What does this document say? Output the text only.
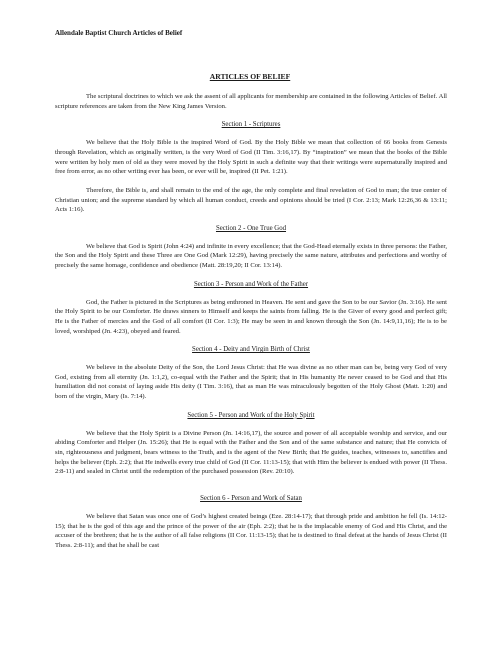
Allendale Baptist Church Articles of Belief
ARTICLES OF BELIEF

The scriptural doctrines to which we ask the assent of all applicants for membership are contained in the following Articles of Belief. All scripture references are taken from the New King James Version.

Section 1 - Scriptures

We believe that the Holy Bible is the inspired Word of God. By the Holy Bible we mean that collection of 66 books from Genesis through Revelation, which as originally written, is the very Word of God (II Tim. 3:16,17). By “inspiration” we mean that the books of the Bible were written by holy men of old as they were moved by the Holy Spirit in such a definite way that their writings were supernaturally inspired and free from error, as no other writing ever has been, or ever will be, inspired (II Pet. 1:21).

Therefore, the Bible is, and shall remain to the end of the age, the only complete and final revelation of God to man; the true center of Christian union; and the supreme standard by which all human conduct, creeds and opinions should be tried (I Cor. 2:13; Mark 12:26,36 & 13:11; Acts 1:16).

Section 2 - One True God

We believe that God is Spirit (John 4:24) and infinite in every excellence; that the God-Head eternally exists in three persons: the Father, the Son and the Holy Spirit and these Three are One God (Mark 12:29), having precisely the same nature, attributes and perfections and worthy of precisely the same homage, confidence and obedience (Matt. 28:19,20; II Cor. 13:14).

Section 3 - Person and Work of the Father

God, the Father is pictured in the Scriptures as being enthroned in Heaven. He sent and gave the Son to be our Savior (Jn. 3:16). He sent the Holy Spirit to be our Comforter. He draws sinners to Himself and keeps the saints from falling. He is the Giver of every good and perfect gift; He is the Father of mercies and the God of all comfort (II Cor. 1:3); He may be seen in and known through the Son (Jn. 14:9,11,16); He is to be loved, worshiped (Jn. 4:23), obeyed and feared.

Section 4 - Deity and Virgin Birth of Christ

We believe in the absolute Deity of the Son, the Lord Jesus Christ: that He was divine as no other man can be, being very God of very God, existing from all eternity (Jn. 1:1,2), co-equal with the Father and the Spirit; that in His humanity He never ceased to be God and that His humiliation did not consist of laying aside His deity (I Tim. 3:16), that as man He was miraculously begotten of the Holy Ghost (Matt. 1:20) and born of the virgin, Mary (Is. 7:14).

Section 5 - Person and Work of the Holy Spirit

We believe that the Holy Spirit is a Divine Person (Jn. 14:16,17), the source and power of all acceptable worship and service, and our abiding Comforter and Helper (Jn. 15:26); that He is equal with the Father and the Son and of the same substance and nature; that He convicts of sin, righteousness and judgment, bears witness to the Truth, and is the agent of the New Birth; that He guides, teaches, witnesses to, sanctifies and helps the believer (Eph. 2:2); that He indwells every true child of God (II Cor. 11:13-15); that with Him the believer is endued with power (II Thess. 2:8-11) and sealed in Christ until the redemption of the purchased possession (Rev. 20:10).

Section 6 - Person and Work of Satan

We believe that Satan was once one of God’s highest created beings (Eze. 28:14-17); that through pride and ambition he fell (Is. 14:12-15); that he is the god of this age and the prince of the power of the air (Eph. 2:2); that he is the implacable enemy of God and His Christ, and the accuser of the brethren; that he is the author of all false religions (II Cor. 11:13-15); that he is destined to final defeat at the hands of Jesus Christ (II Thess. 2:8-11); and that he shall be cast
